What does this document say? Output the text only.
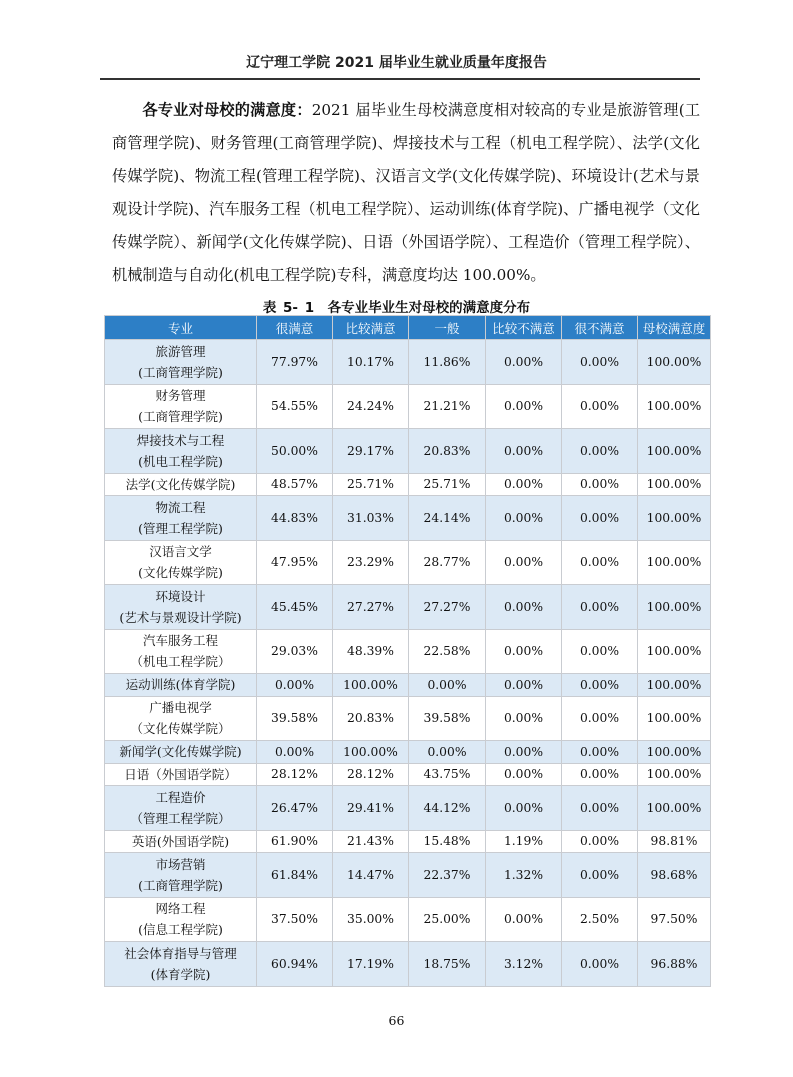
辽宁理工学院 2021 届毕业生就业质量年度报告

各专业对母校的满意度：2021 届毕业生母校满意度相对较高的专业是旅游管理(工商管理学院)、财务管理(工商管理学院)、焊接技术与工程（机电工程学院）、法学(文化传媒学院)、物流工程(管理工程学院)、汉语言文学(文化传媒学院)、环境设计(艺术与景观设计学院)、汽车服务工程（机电工程学院）、运动训练(体育学院)、广播电视学（文化传媒学院）、新闻学(文化传媒学院)、日语（外国语学院）、工程造价（管理工程学院）、机械制造与自动化(机电工程学院)专科，满意度均达 100.00%。

表 5- 1　各专业毕业生对母校的满意度分布
专业	很满意	比较满意	一般	比较不满意	很不满意	母校满意度

旅游管理
(工商管理学院)	77.97%	10.17%	11.86%	0.00%	0.00%	100.00%

财务管理
(工商管理学院)	54.55%	24.24%	21.21%	0.00%	0.00%	100.00%

焊接技术与工程
(机电工程学院)	50.00%	29.17%	20.83%	0.00%	0.00%	100.00%

法学(文化传媒学院)	48.57%	25.71%	25.71%	0.00%	0.00%	100.00%

物流工程
(管理工程学院)	44.83%	31.03%	24.14%	0.00%	0.00%	100.00%

汉语言文学
(文化传媒学院)	47.95%	23.29%	28.77%	0.00%	0.00%	100.00%

环境设计
(艺术与景观设计学院)	45.45%	27.27%	27.27%	0.00%	0.00%	100.00%

汽车服务工程
（机电工程学院）	29.03%	48.39%	22.58%	0.00%	0.00%	100.00%

运动训练(体育学院)	0.00%	100.00%	0.00%	0.00%	0.00%	100.00%

广播电视学
（文化传媒学院）	39.58%	20.83%	39.58%	0.00%	0.00%	100.00%

新闻学(文化传媒学院)	0.00%	100.00%	0.00%	0.00%	0.00%	100.00%

日语（外国语学院）	28.12%	28.12%	43.75%	0.00%	0.00%	100.00%

工程造价
（管理工程学院）	26.47%	29.41%	44.12%	0.00%	0.00%	100.00%

英语(外国语学院)	61.90%	21.43%	15.48%	1.19%	0.00%	98.81%

市场营销
(工商管理学院)	61.84%	14.47%	22.37%	1.32%	0.00%	98.68%

网络工程
(信息工程学院)	37.50%	35.00%	25.00%	0.00%	2.50%	97.50%

社会体育指导与管理
(体育学院)	60.94%	17.19%	18.75%	3.12%	0.00%	96.88%
66
